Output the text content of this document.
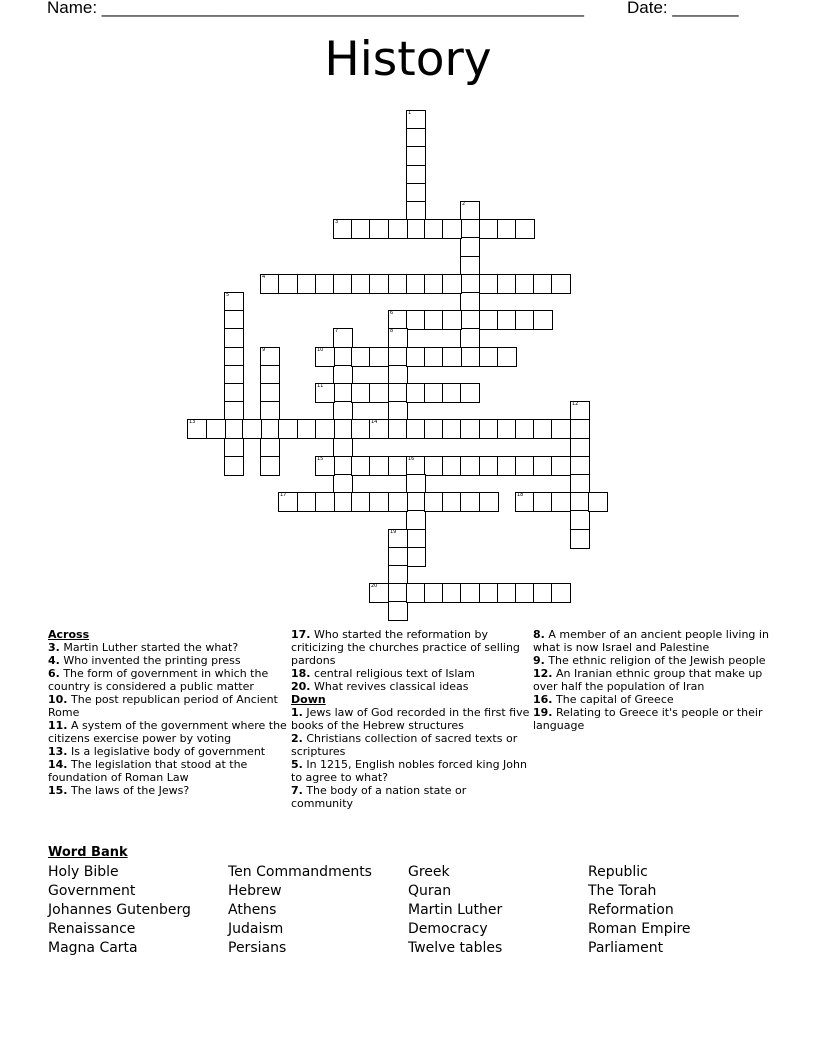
Name: ___________________________________________________	Date: _______
History
1
2
3
4
5
6
7	8
9	10
11
12
13	14
15	16
17	18
19
20
Across
3. Martin Luther started the what?
4. Who invented the printing press
6. The form of government in which the country is considered a public matter
10. The post republican period of Ancient Rome
11. A system of the government where the citizens exercise power by voting
13. Is a legislative body of government
14. The legislation that stood at the foundation of Roman Law
15. The laws of the Jews?
17. Who started the reformation by criticizing the churches practice of selling pardons
18. central religious text of Islam
20. What revives classical ideas
Down
1. Jews law of God recorded in the first five books of the Hebrew structures
2. Christians collection of sacred texts or scriptures
5. In 1215, English nobles forced king John to agree to what?
7. The body of a nation state or community
8. A member of an ancient people living in what is now Israel and Palestine
9. The ethnic religion of the Jewish people
12. An Iranian ethnic group that make up over half the population of Iran
16. The capital of Greece
19. Relating to Greece it's people or their language
Word Bank
Holy Bible
Government
Johannes Gutenberg
Renaissance
Magna Carta
Ten Commandments
Hebrew
Athens
Judaism
Persians
Greek
Quran
Martin Luther
Democracy
Twelve tables
Republic
The Torah
Reformation
Roman Empire
Parliament
